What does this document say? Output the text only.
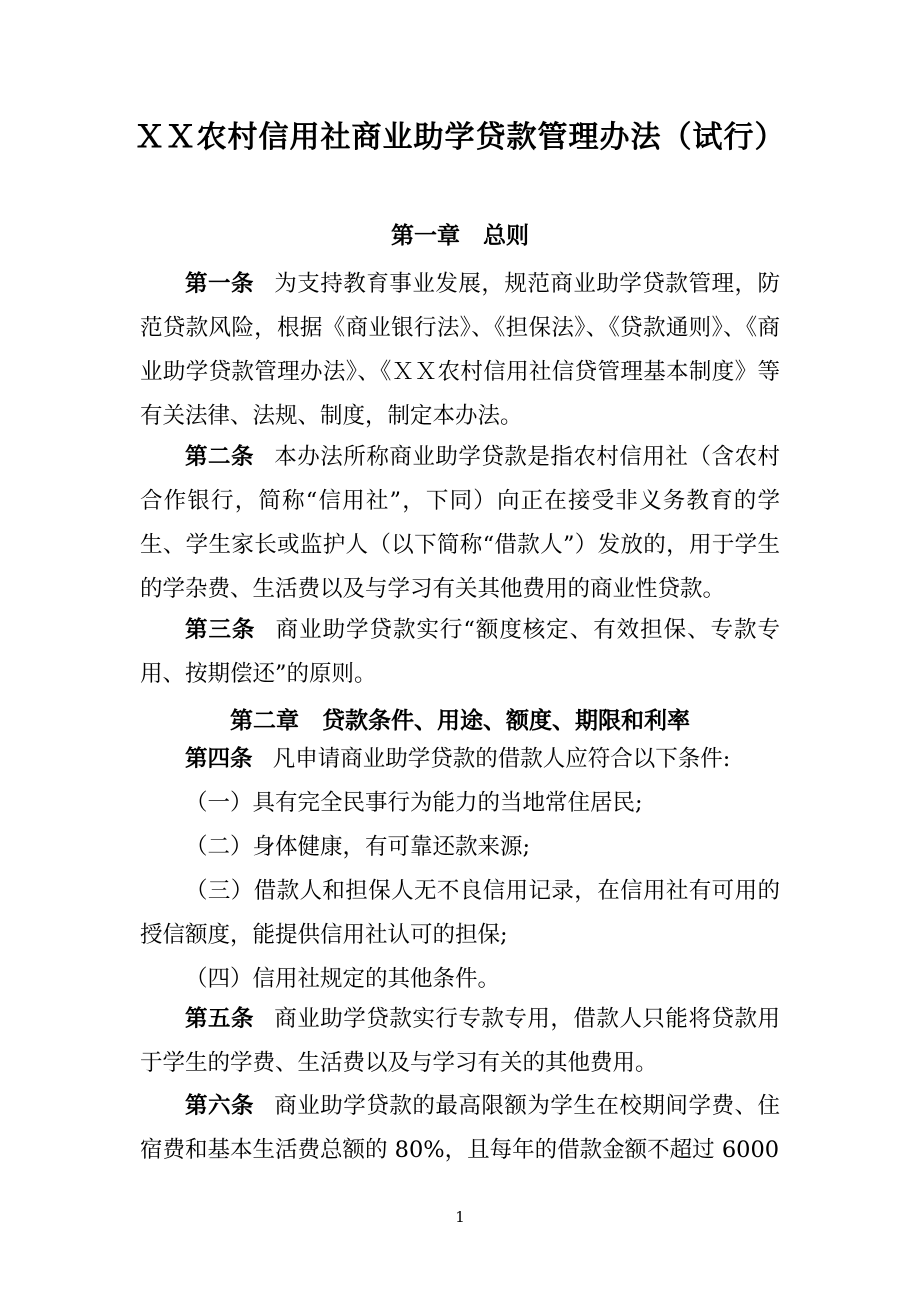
ＸＸ农村信用社商业助学贷款管理办法（试行）
第一章　总则
第一条 为支持教育事业发展，规范商业助学贷款管理，防范贷款风险，根据《商业银行法》、《担保法》、《贷款通则》、《商业助学贷款管理办法》、《ＸＸ农村信用社信贷管理基本制度》等有关法律、法规、制度，制定本办法。
第二条 本办法所称商业助学贷款是指农村信用社（含农村合作银行，简称“信用社”，下同）向正在接受非义务教育的学生、学生家长或监护人（以下简称“借款人”）发放的，用于学生的学杂费、生活费以及与学习有关其他费用的商业性贷款。
第三条 商业助学贷款实行“额度核定、有效担保、专款专用、按期偿还”的原则。
第二章　贷款条件、用途、额度、期限和利率
第四条 凡申请商业助学贷款的借款人应符合以下条件:
（一）具有完全民事行为能力的当地常住居民;
（二）身体健康，有可靠还款来源;
（三）借款人和担保人无不良信用记录，在信用社有可用的授信额度，能提供信用社认可的担保;
（四）信用社规定的其他条件。
第五条 商业助学贷款实行专款专用，借款人只能将贷款用于学生的学费、生活费以及与学习有关的其他费用。
第六条 商业助学贷款的最高限额为学生在校期间学费、住宿费和基本生活费总额的 80%，且每年的借款金额不超过 6000
1
